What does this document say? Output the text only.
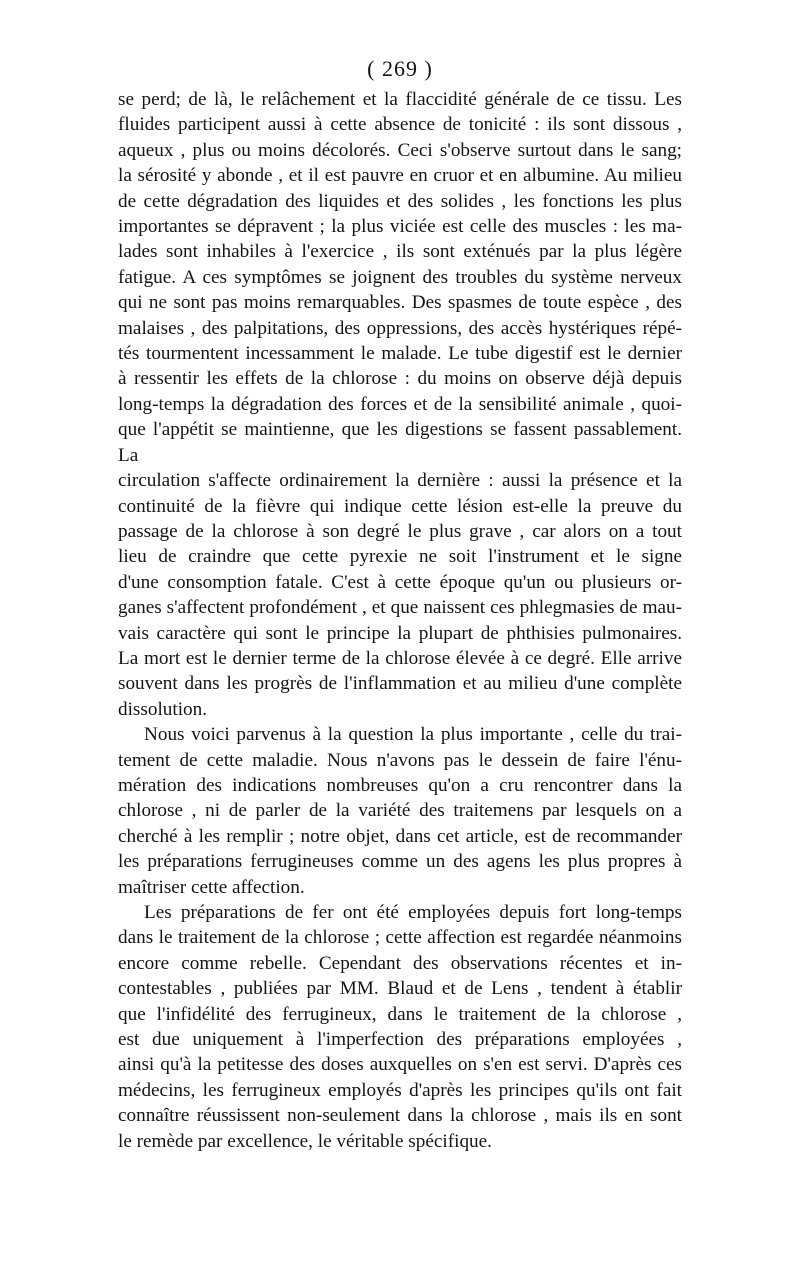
( 269 )

se perd; de là, le relâchement et la flaccidité générale de ce tissu. Les

fluides participent aussi à cette absence de tonicité : ils sont dissous ,

aqueux , plus ou moins décolorés. Ceci s'observe surtout dans le sang;

la sérosité y abonde , et il est pauvre en cruor et en albumine. Au milieu

de cette dégradation des liquides et des solides , les fonctions les plus

importantes se dépravent ; la plus viciée est celle des muscles : les ma-

lades sont inhabiles à l'exercice , ils sont exténués par la plus légère

fatigue. A ces symptômes se joignent des troubles du système nerveux

qui ne sont pas moins remarquables. Des spasmes de toute espèce , des

malaises , des palpitations, des oppressions, des accès hystériques répé-

tés tourmentent incessamment le malade. Le tube digestif est le dernier

à ressentir les effets de la chlorose : du moins on observe déjà depuis

long-temps la dégradation des forces et de la sensibilité animale , quoi-

que l'appétit se maintienne, que les digestions se fassent passablement. La

circulation s'affecte ordinairement la dernière : aussi la présence et la

continuité de la fièvre qui indique cette lésion est-elle la preuve du

passage de la chlorose à son degré le plus grave , car alors on a tout

lieu de craindre que cette pyrexie ne soit l'instrument et le signe

d'une consomption fatale. C'est à cette époque qu'un ou plusieurs or-

ganes s'affectent profondément , et que naissent ces phlegmasies de mau-

vais caractère qui sont le principe la plupart de phthisies pulmonaires.

La mort est le dernier terme de la chlorose élevée à ce degré. Elle arrive

souvent dans les progrès de l'inflammation et au milieu d'une complète

dissolution.

Nous voici parvenus à la question la plus importante , celle du trai-

tement de cette maladie. Nous n'avons pas le dessein de faire l'énu-

mération des indications nombreuses qu'on a cru rencontrer dans la

chlorose , ni de parler de la variété des traitemens par lesquels on a

cherché à les remplir ; notre objet, dans cet article, est de recommander

les préparations ferrugineuses comme un des agens les plus propres à

maîtriser cette affection.

Les préparations de fer ont été employées depuis fort long-temps

dans le traitement de la chlorose ; cette affection est regardée néanmoins

encore comme rebelle. Cependant des observations récentes et in-

contestables , publiées par MM. Blaud et de Lens , tendent à établir

que l'infidélité des ferrugineux, dans le traitement de la chlorose ,

est due uniquement à l'imperfection des préparations employées ,

ainsi qu'à la petitesse des doses auxquelles on s'en est servi. D'après ces

médecins, les ferrugineux employés d'après les principes qu'ils ont fait

connaître réussissent non-seulement dans la chlorose , mais ils en sont

le remède par excellence, le véritable spécifique.
